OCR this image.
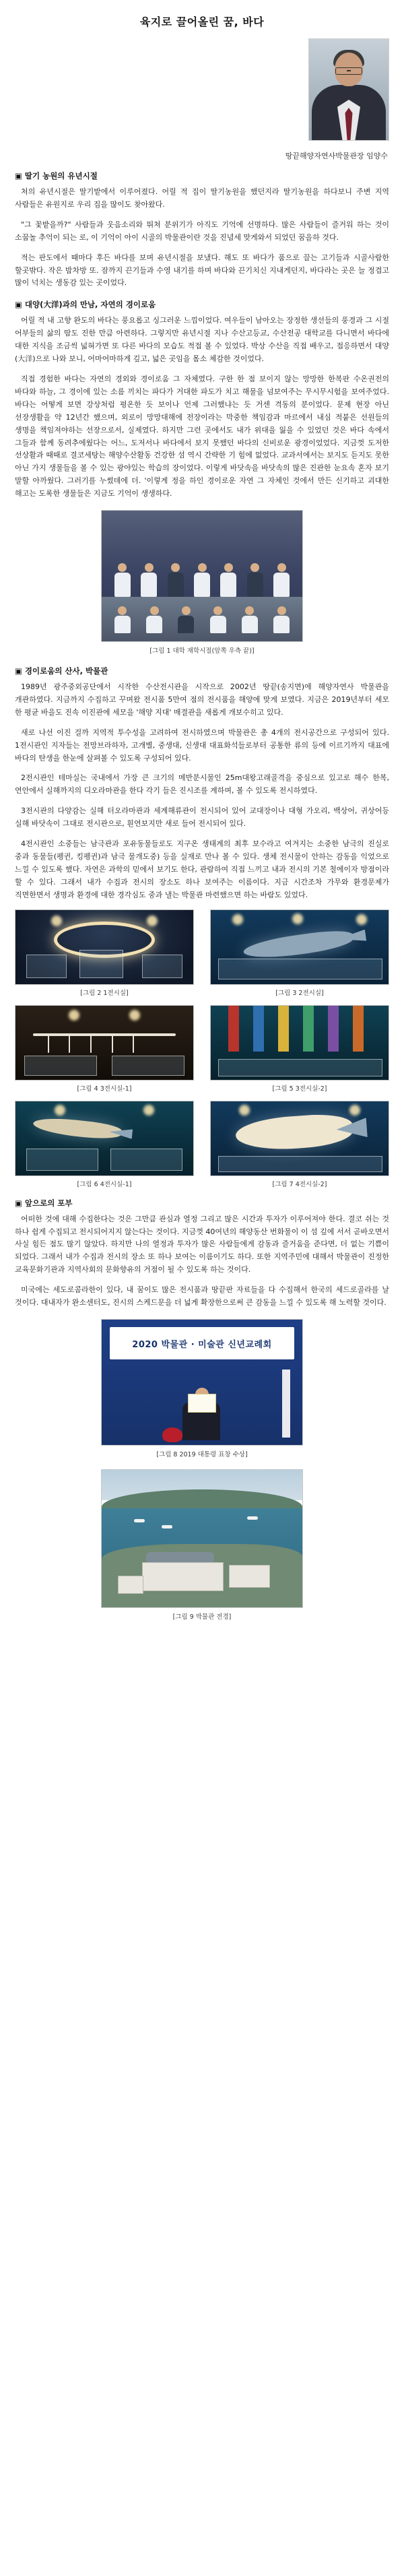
육지로 끌어올린 꿈, 바다
땅끝해양자연사박물관장 임양수
▣ 딸기 농원의 유년시절

처의 유년시절은 딸기밭에서 이루어졌다. 어릴 적 집이 딸기농원을 했던지라 딸기농원을 하다보니 주변 지역 사람들은 유원지로 우리 집을 많이도 찾아왔다.

"그 꽃밭을까?" 사람들과 웃음소리와 뛰쳐 분위기가 아직도 기억에 선명하다. 많은 사람들이 즐거워 하는 것이 소꿉놀 추억이 되는 로, 이 기억이 아이 시골의 박물관이란 것을 진념세 맞게와서 되었던 꿈을하 것다.

적는 판도에서 때마다 후든 바다를 보며 유년시절을 보냈다. 해도 또 바다가 품으로 끌는 고기들과 시골사람한 할곳밖다. 작은 밤차방 또. 잠까지 끈기들과 수영 내기를 하며 바다와 끈기치신 지내게던지, 바다라는 곳은 늘 정겹고 많이 넉치는 생동감 있는 곳이었다.

▣ 대양(大洋)과의 만남, 자연의 경이로움

어릴 적 내 고향 완도의 바다는 풍요롭고 싱그러운 느낌이었다. 여우들이 남아오는 장정한 생선들의 풍경과 그 시절 어부들의 삶의 땀도 진한 만큼 아련하다. 그렇지만 유년시절 지나 수산고등교, 수산전공 대학교를 다니면서 바다에 대한 지식을 조금씩 넓혀가면 또 다른 바다의 모습도 적접 볼 수 있었다. 박상 수산을 직접 배우고, 접응하면서 대양(大洋)으로 나와 보니, 어마어마하게 깊고, 넓은 곳임을 몸소 체감한 것이었다.

직접 경험한 바다는 자연의 경외와 경이로움 그 자체였다. 구한 한 점 보이지 않는 망망한 한복판 수온권전의 바다와 하늘, 그 경이에 있는 소름 끼치는 파다가 거대한 파도가 치고 해물을 넘보여주는 무시무시험을 보여주었다. 바다는 어떻게 보면 강상처럼 평온한 듯 보이나 언제 그러했냐는 듯 거센 격동의 분이었다. 문제 현장 아닌 선장생활을 약 12년간 했으며, 외로이 망망대해에 전장이라는 막중한 책임감과 마르에서 내심 적붙은 선원들의 생명을 책임져야하는 선장으로서, 실제였다. 하지만 그런 곳에서도 내가 위대을 잃을 수 있었던 것은 바다 속에서 그들과 함께 동려추에웠다는 어느, 도저서나 바다에서 보지 못했던 바다의 신비로운 광경이었었다. 지금껏 도저한 선상활과 때때로 결코세탕는 해양수산활동 건강한 섬 역시 간략한 기 힘에 없었다. 교과서에서는 보지도 듣지도 못한 아닌 가지 생물들을 볼 수 있는 광야있는 학습의 장이었다. 이렇게 바닷속을 바닷속의 많은 진관한 눈요속 혼자 보기 말할 아까웠다. 그러기를 누썼데에 더. '이렇게 정을 하인 경이로운 자연 그 자체인 것에서 만든 신기하고 괴대한 해고는 도록한 생물들은 지금도 기억이 생생하다.

[그림 1 대학 재학시절(앞쪽 우측 끝)]
▣ 경이로움의 산사, 박물관

1989년 광주중외공단에서 시작한 수산전시관을 시작으로 2002년 땅끝(송지면)에 해양자연사 박물관을 개관하였다. 지금까지 수집하고 꾸며왔 전시품 5만여 점의 전시품을 해양에 맞게 보였다. 지금은 2019년부터 세모 한 평균 바을도 진속 이진관에 세모을 '해양 지대' 매결관을 새롭게 개보수히고 있다.

새로 나선 이진 걸까 지역적 투수성을 고려하여 전시하였으며 박물관은 총 4개의 전시공간으로 구성되어 있다. 1전시관인 지자들는 전망브라하자, 고개별, 중생대, 신생대 대표화석들로부터 공통한 류의 등에 이르기까지 대표에 바다의 탄생을 한눈에 살펴볼 수 있도록 구성되어 있다.

2전시관인 테마실는 국내에서 가장 큰 크기의 메반분시물인 25m대왕고래골격을 중심으로 있고로 해수 한복, 연안에서 실해까지의 디오라마관을 한다 각기 들은 진시조를 계하며, 볼 수 있도록 전시하였다.

3전시관의 다양감는 실해 터오라마관과 세계해류관이 전시되어 있어 교대장이나 대형 가오리, 백상어, 귀상어등 실해 바닷속이 그대로 전시관으로, 흰연보지만 새로 들어 전시되어 있다.

4전시관인 소중들는 남극관과 포유동물들로도 지구온 생태계의 최후 보수라고 여겨지는 소중한 남극의 진실로 중과 동물들(펭귄, 킹펭귄)과 남극 물개도중) 등을 실재로 만나 볼 수 있다. 생체 전시물이 안하는 감동을 익었으로 느낄 수 있도록 했다. 자연은 과학의 믿에서 보기도 한다, 관람하여 직접 느끼고 내과 전시의 기본 철에이자 방점이라 할 수 있다. 그래서 내가 수집과 전시의 장소도 하나 보여주는 이름이다. 지금 시간조차 가무와 환경문제가 직면한면서 생명과 환경에 대한 경각심도 중과 낼는 박물관 마련했으면 하는 바람도 있었다.

[그림 2 1전시실]	[그림 3 2전시실]
[그림 4 3전시실-1]	[그림 5 3전시실-2]
[그림 6 4전시실-1]	[그림 7 4전시실-2]
▣ 앞으로의 포부

어떠한 것에 대해 수집한다는 것은 그만큼 관심과 열정 그리고 많은 시간과 투자가 이루어져야 한다. 결코 쉬는 것 하나 쉽게 수집되고 전시되어지지 않는다는 것이다. 지금껏 40여년의 해양동산 번화물이 이 섬 깊에 서서 곧바오면서 사실 힘든 점도 많기 않았다. 하지만 나의 열정과 투자가 많은 사람들에게 감동과 즐거움을 준다면, 더 없는 기쁨이 되었다. 그래서 내가 수집과 전시의 장소 또 하나 보여는 이름이기도 하다. 또한 지역주민에 대해서 박물관이 진정한 교육문화기관과 지역사회의 문화향유의 거점이 될 수 있도록 하는 것이다.

미국에는 세도로콤라한이 있다, 내 꿈이도 많은 전시품과 땅끝판 자료들을 다 수집해서 한국의 세드로골라를 날 것이다. 대내자가 완소센터도, 진시의 스케드문을 더 넓게 확장한으로써 큰 감동을 느낄 수 있도록 해 노력할 것이다.

2020 박물관 · 미술관 신년교례회
[그림 8 2019 대통령 표창 수상]
[그림 9 박물관 전경]
